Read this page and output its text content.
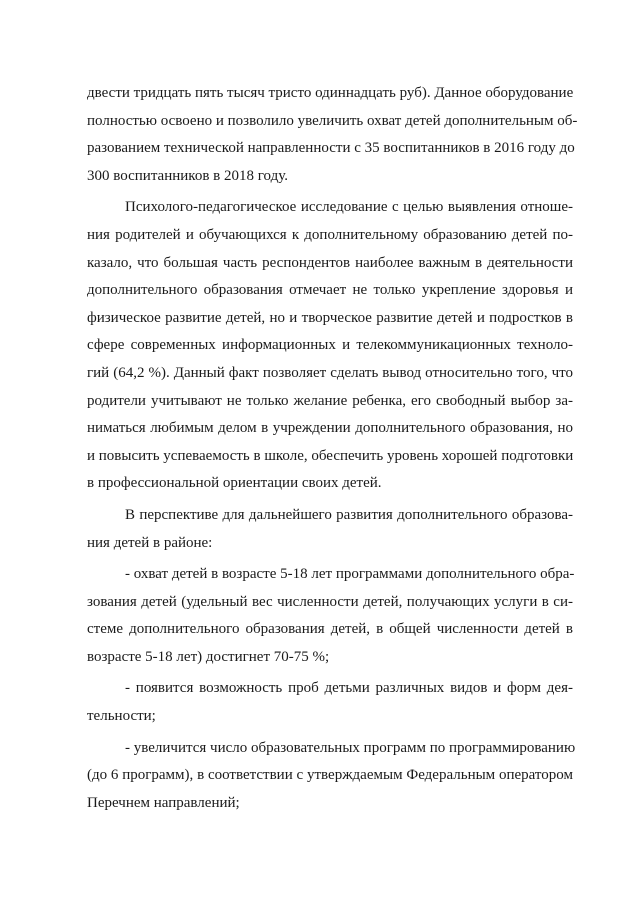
двести тридцать пять тысяч тристо одиннадцать руб). Данное оборудование
полностью освоено и позволило увеличить охват детей дополнительным об-
разованием технической направленности с 35 воспитанников в 2016 году до
300 воспитанников в 2018 году.
Психолого-педагогическое исследование с целью выявления отноше-
ния родителей и обучающихся к дополнительному образованию детей по-
казало, что большая часть респондентов наиболее важным в деятельности
дополнительного образования отмечает не только укрепление здоровья и
физическое развитие детей, но и творческое развитие детей и подростков в
сфере современных информационных и телекоммуникационных техноло-
гий (64,2 %). Данный факт позволяет сделать вывод относительно того, что
родители учитывают не только желание ребенка, его свободный выбор за-
ниматься любимым делом в учреждении дополнительного образования, но
и повысить успеваемость в школе, обеспечить уровень хорошей подготовки
в профессиональной ориентации своих детей.
В перспективе для дальнейшего развития дополнительного образова-
ния детей в районе:
- охват детей в возрасте 5-18 лет программами дополнительного обра-
зования детей (удельный вес численности детей, получающих услуги в си-
стеме дополнительного образования детей, в общей численности детей в
возрасте 5-18 лет) достигнет 70-75 %;
- появится возможность проб детьми различных видов и форм дея-
тельности;
- увеличится число образовательных программ по программированию
(до 6 программ), в соответствии с утверждаемым Федеральным оператором
Перечнем направлений;
